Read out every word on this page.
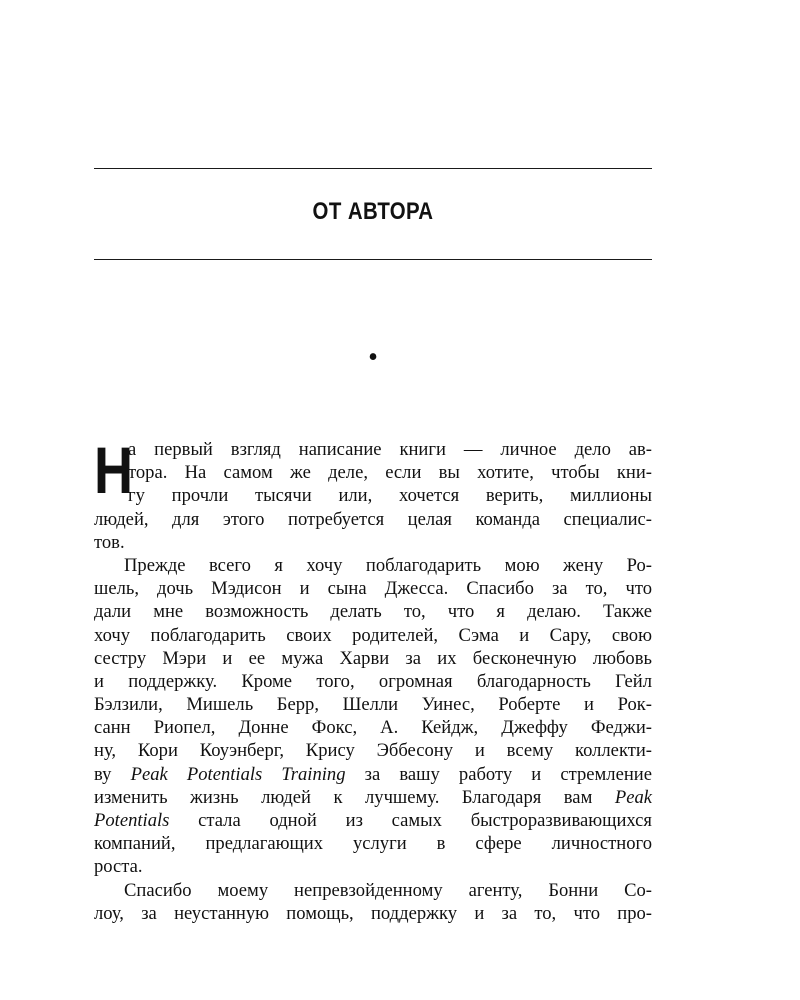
ОТ АВТОРА
•
Н
а первый взгляд написание книги — личное дело ав-
тора. На самом же деле, если вы хотите, чтобы кни-
гу прочли тысячи или, хочется верить, миллионы
людей, для этого потребуется целая команда специалис-
тов.
Прежде всего я хочу поблагодарить мою жену Ро-
шель, дочь Мэдисон и сына Джесса. Спасибо за то, что
дали мне возможность делать то, что я делаю. Также
хочу поблагодарить своих родителей, Сэма и Сару, свою
сестру Мэри и ее мужа Харви за их бесконечную любовь
и поддержку. Кроме того, огромная благодарность Гейл
Бэлзили, Мишель Берр, Шелли Уинес, Роберте и Рок-
санн Риопел, Донне Фокс, А. Кейдж, Джеффу Феджи-
ну, Кори Коуэнберг, Крису Эббесону и всему коллекти-
ву Peak Potentials Training за вашу работу и стремление
изменить жизнь людей к лучшему. Благодаря вам Peak
Potentials стала одной из самых быстроразвивающихся
компаний, предлагающих услуги в сфере личностного
роста.
Спасибо моему непревзойденному агенту, Бонни Со-
лоу, за неустанную помощь, поддержку и за то, что про-
